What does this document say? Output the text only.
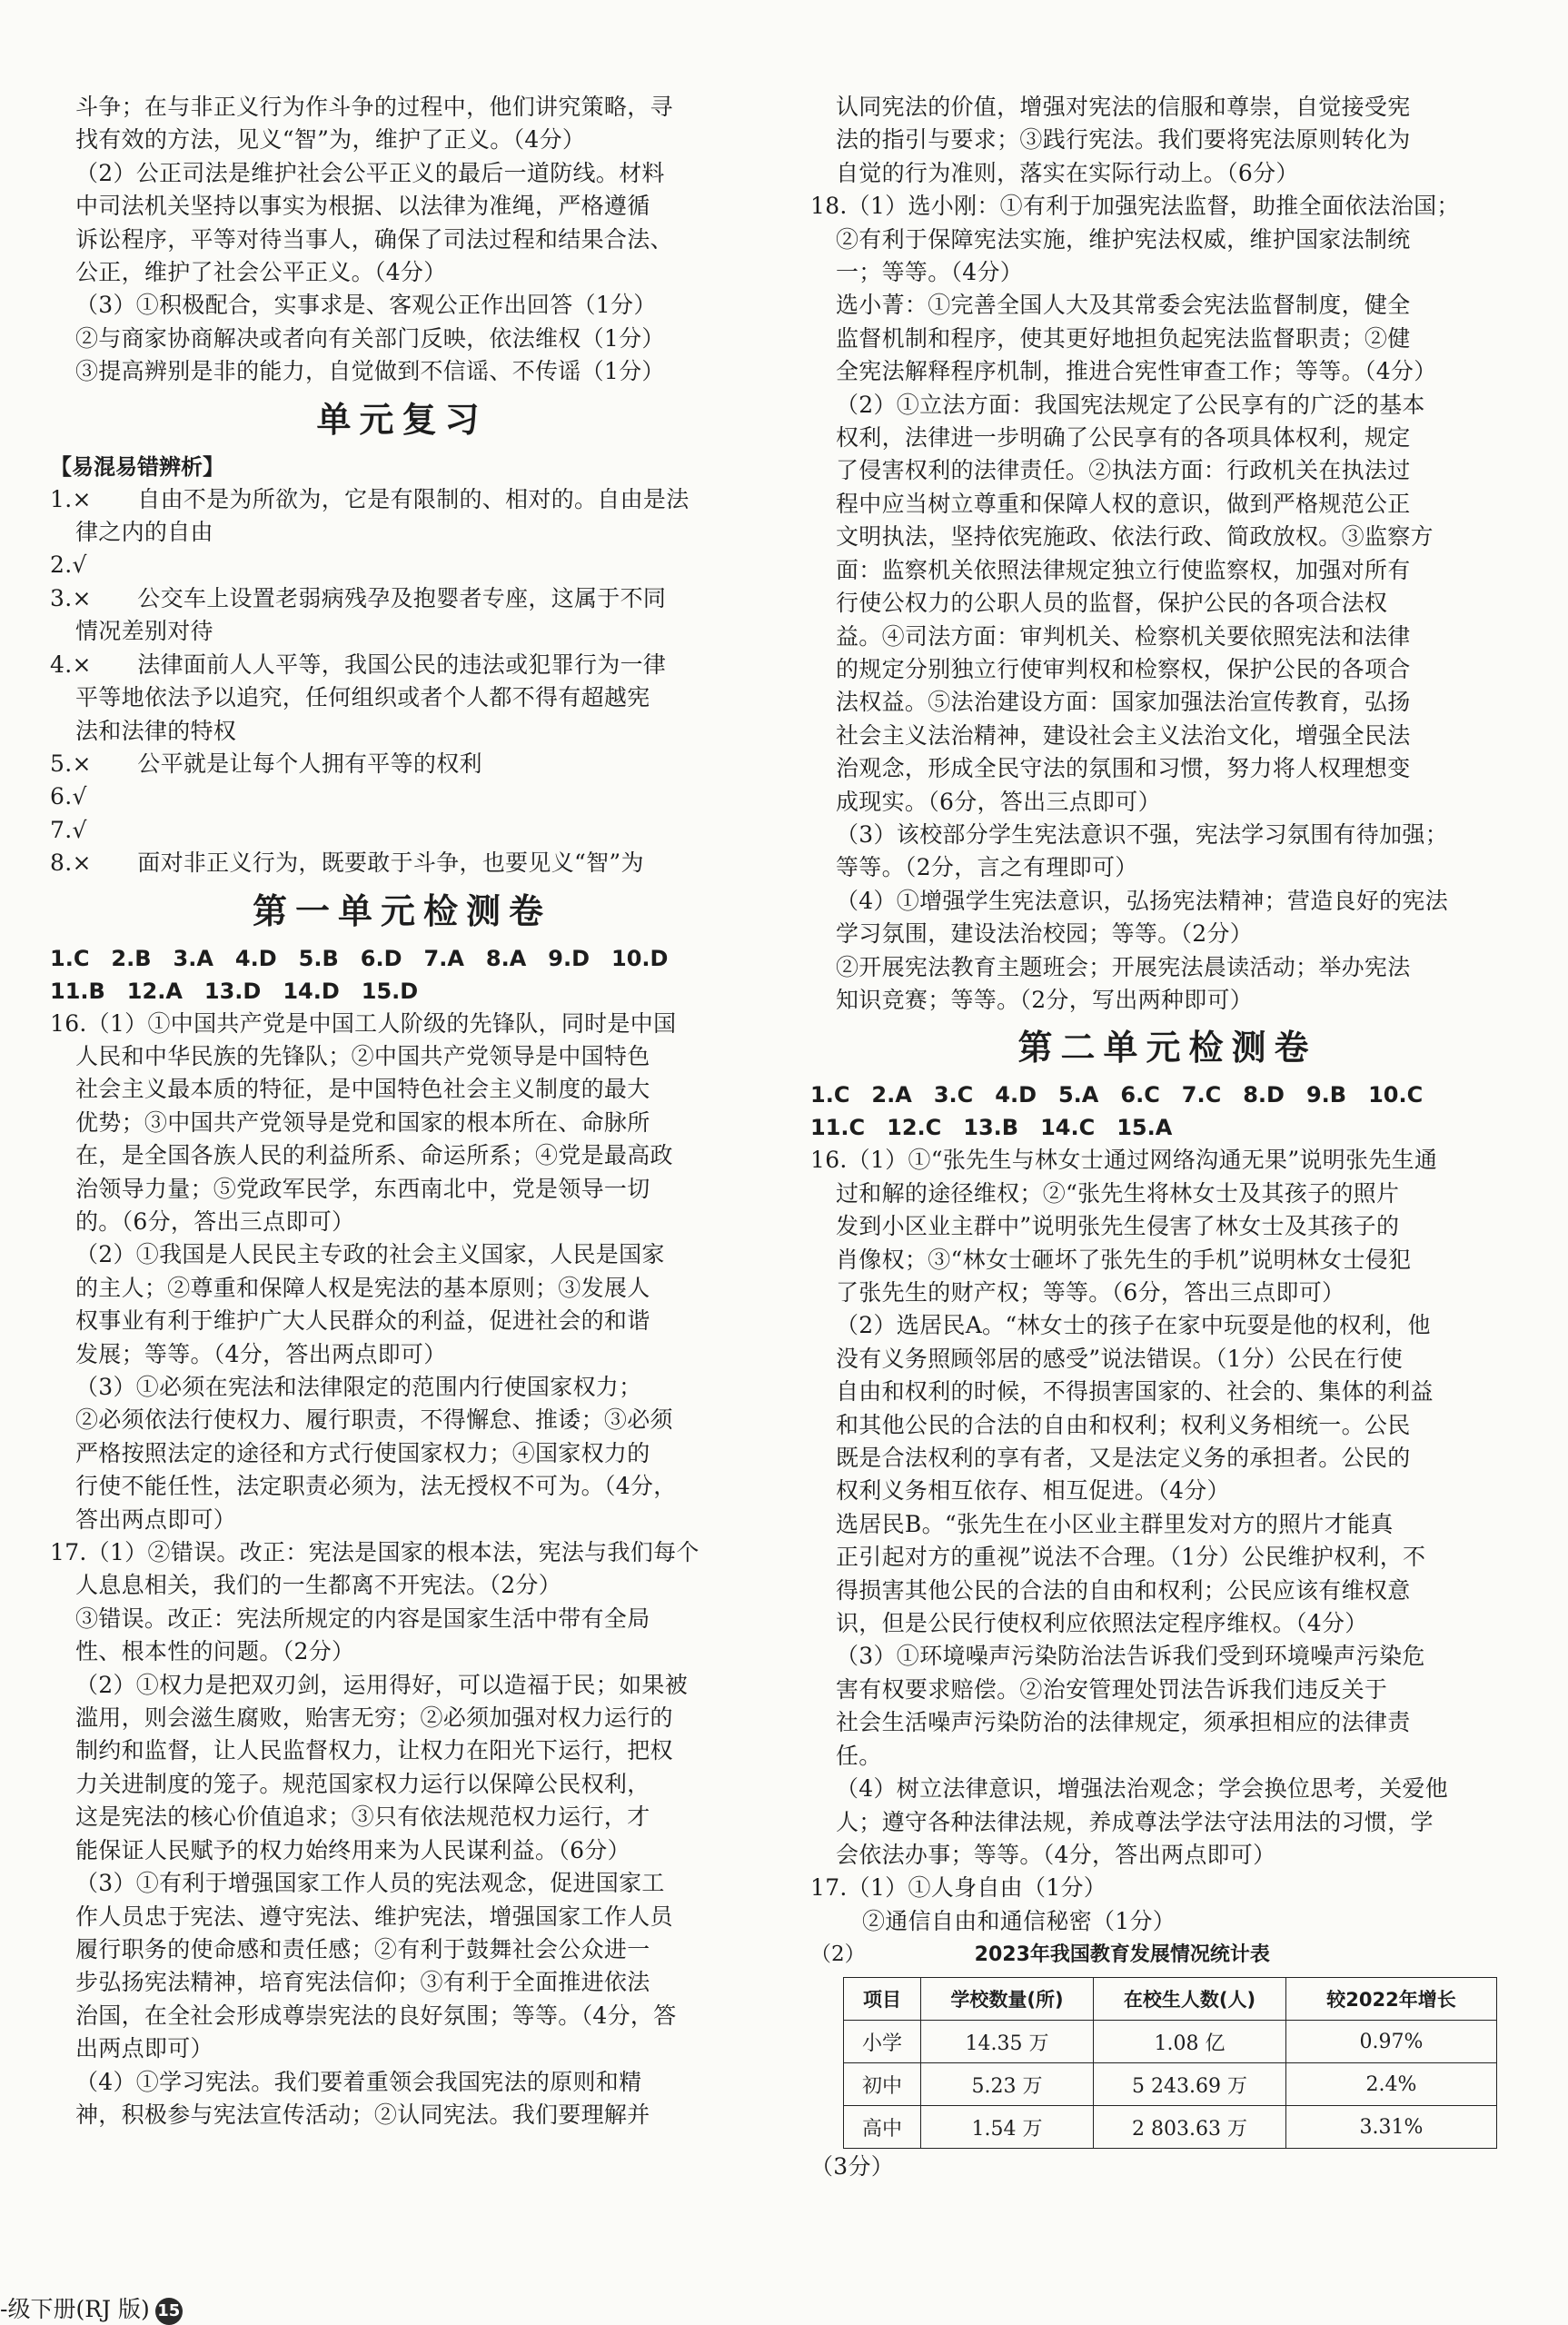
斗争；在与非正义行为作斗争的过程中，他们讲究策略，寻
找有效的方法，见义“智”为，维护了正义。（4分）
（2）公正司法是维护社会公平正义的最后一道防线。材料
中司法机关坚持以事实为根据、以法律为准绳，严格遵循
诉讼程序，平等对待当事人，确保了司法过程和结果合法、
公正，维护了社会公平正义。（4分）
（3）①积极配合，实事求是、客观公正作出回答（1分）
②与商家协商解决或者向有关部门反映，依法维权（1分）
③提高辨别是非的能力，自觉做到不信谣、不传谣（1分）
单元复习
【易混易错辨析】
1.×　　自由不是为所欲为，它是有限制的、相对的。自由是法
律之内的自由
2.√
3.×　　公交车上设置老弱病残孕及抱婴者专座，这属于不同
情况差别对待
4.×　　法律面前人人平等，我国公民的违法或犯罪行为一律
平等地依法予以追究，任何组织或者个人都不得有超越宪
法和法律的特权
5.×　　公平就是让每个人拥有平等的权利
6.√
7.√
8.×　　面对非正义行为，既要敢于斗争，也要见义“智”为
第一单元检测卷
1.C　2.B　3.A　4.D　5.B　6.D　7.A　8.A　9.D　10.D
11.B　12.A　13.D　14.D　15.D
16.（1）①中国共产党是中国工人阶级的先锋队，同时是中国
人民和中华民族的先锋队；②中国共产党领导是中国特色
社会主义最本质的特征，是中国特色社会主义制度的最大
优势；③中国共产党领导是党和国家的根本所在、命脉所
在，是全国各族人民的利益所系、命运所系；④党是最高政
治领导力量；⑤党政军民学，东西南北中，党是领导一切
的。（6分，答出三点即可）
（2）①我国是人民民主专政的社会主义国家，人民是国家
的主人；②尊重和保障人权是宪法的基本原则；③发展人
权事业有利于维护广大人民群众的利益，促进社会的和谐
发展；等等。（4分，答出两点即可）
（3）①必须在宪法和法律限定的范围内行使国家权力；
②必须依法行使权力、履行职责，不得懈怠、推诿；③必须
严格按照法定的途径和方式行使国家权力；④国家权力的
行使不能任性，法定职责必须为，法无授权不可为。（4分，
答出两点即可）
17.（1）②错误。改正：宪法是国家的根本法，宪法与我们每个
人息息相关，我们的一生都离不开宪法。（2分）
③错误。改正：宪法所规定的内容是国家生活中带有全局
性、根本性的问题。（2分）
（2）①权力是把双刃剑，运用得好，可以造福于民；如果被
滥用，则会滋生腐败，贻害无穷；②必须加强对权力运行的
制约和监督，让人民监督权力，让权力在阳光下运行，把权
力关进制度的笼子。规范国家权力运行以保障公民权利，
这是宪法的核心价值追求；③只有依法规范权力运行，才
能保证人民赋予的权力始终用来为人民谋利益。（6分）
（3）①有利于增强国家工作人员的宪法观念，促进国家工
作人员忠于宪法、遵守宪法、维护宪法，增强国家工作人员
履行职务的使命感和责任感；②有利于鼓舞社会公众进一
步弘扬宪法精神，培育宪法信仰；③有利于全面推进依法
治国，在全社会形成尊崇宪法的良好氛围；等等。（4分，答
出两点即可）
（4）①学习宪法。我们要着重领会我国宪法的原则和精
神，积极参与宪法宣传活动；②认同宪法。我们要理解并
认同宪法的价值，增强对宪法的信服和尊崇，自觉接受宪
法的指引与要求；③践行宪法。我们要将宪法原则转化为
自觉的行为准则，落实在实际行动上。（6分）
18.（1）选小刚：①有利于加强宪法监督，助推全面依法治国；
②有利于保障宪法实施，维护宪法权威，维护国家法制统
一；等等。（4分）
选小菁：①完善全国人大及其常委会宪法监督制度，健全
监督机制和程序，使其更好地担负起宪法监督职责；②健
全宪法解释程序机制，推进合宪性审查工作；等等。（4分）
（2）①立法方面：我国宪法规定了公民享有的广泛的基本
权利，法律进一步明确了公民享有的各项具体权利，规定
了侵害权利的法律责任。②执法方面：行政机关在执法过
程中应当树立尊重和保障人权的意识，做到严格规范公正
文明执法，坚持依宪施政、依法行政、简政放权。③监察方
面：监察机关依照法律规定独立行使监察权，加强对所有
行使公权力的公职人员的监督，保护公民的各项合法权
益。④司法方面：审判机关、检察机关要依照宪法和法律
的规定分别独立行使审判权和检察权，保护公民的各项合
法权益。⑤法治建设方面：国家加强法治宣传教育，弘扬
社会主义法治精神，建设社会主义法治文化，增强全民法
治观念，形成全民守法的氛围和习惯，努力将人权理想变
成现实。（6分，答出三点即可）
（3）该校部分学生宪法意识不强，宪法学习氛围有待加强；
等等。（2分，言之有理即可）
（4）①增强学生宪法意识，弘扬宪法精神；营造良好的宪法
学习氛围，建设法治校园；等等。（2分）
②开展宪法教育主题班会；开展宪法晨读活动；举办宪法
知识竞赛；等等。（2分，写出两种即可）
第二单元检测卷
1.C　2.A　3.C　4.D　5.A　6.C　7.C　8.D　9.B　10.C
11.C　12.C　13.B　14.C　15.A
16.（1）①“张先生与林女士通过网络沟通无果”说明张先生通
过和解的途径维权；②“张先生将林女士及其孩子的照片
发到小区业主群中”说明张先生侵害了林女士及其孩子的
肖像权；③“林女士砸坏了张先生的手机”说明林女士侵犯
了张先生的财产权；等等。（6分，答出三点即可）
（2）选居民A。“林女士的孩子在家中玩耍是他的权利，他
没有义务照顾邻居的感受”说法错误。（1分）公民在行使
自由和权利的时候，不得损害国家的、社会的、集体的利益
和其他公民的合法的自由和权利；权利义务相统一。公民
既是合法权利的享有者，又是法定义务的承担者。公民的
权利义务相互依存、相互促进。（4分）
选居民B。“张先生在小区业主群里发对方的照片才能真
正引起对方的重视”说法不合理。（1分）公民维护权利，不
得损害其他公民的合法的自由和权利；公民应该有维权意
识，但是公民行使权利应依照法定程序维权。（4分）
（3）①环境噪声污染防治法告诉我们受到环境噪声污染危
害有权要求赔偿。②治安管理处罚法告诉我们违反关于
社会生活噪声污染防治的法律规定，须承担相应的法律责
任。
（4）树立法律意识，增强法治观念；学会换位思考，关爱他
人；遵守各种法律法规，养成尊法学法守法用法的习惯，学
会依法办事；等等。（4分，答出两点即可）
17.（1）①人身自由（1分）
②通信自由和通信秘密（1分）
（2）	2023年我国教育发展情况统计表
项目	学校数量(所)	在校生人数(人)	较2022年增长
小学	14.35 万	1.08 亿	0.97%
初中	5.23 万	5 243.69 万	2.4%
高中	1.54 万	2 803.63 万	3.31%
（3分）
-级下册(RJ 版) 15
